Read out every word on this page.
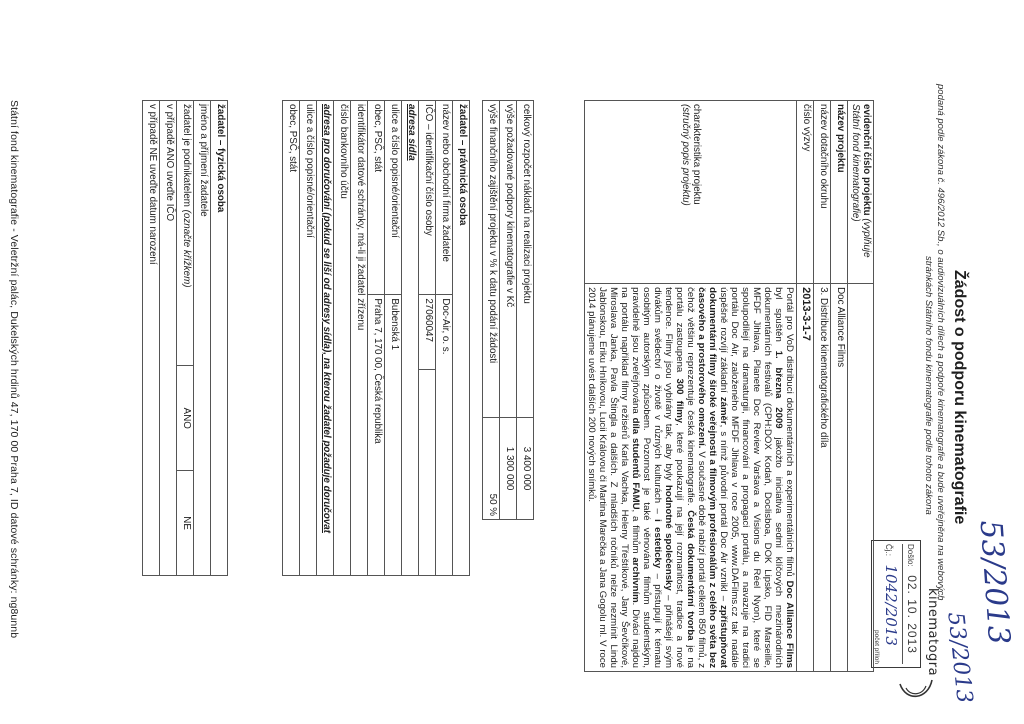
53/2013
53/2013
kinematogra
Žádost o podporu kinematografie
podaná podle zákona č. 496/2012 Sb., o audiovizuálních dílech a podpoře kinematografie a bude uveřejněna na webových
stránkách Státního fondu kinematografie podle tohoto zákona
Došlo: 02. 10. 2013
Čj.: 1042/2013
počet příloh
evidenční číslo projektu (vyplňuje Státní fond kinematografie)	
název projektu	Doc Alliance Films
název dotačního okruhu	3. Distribuce kinematografického díla
číslo výzvy	2013-3-1-7

charakteristika projektu
(stručný popis projektu)	Portál pro VoD distribuci dokumentárních a experimentálních filmů Doc Alliance Films byl spuštěn 1. března 2009 jakožto iniciativa sedmi klíčových mezinárodních dokumentárních festivalů (CPH:DOX Kodaň, Doclisboa, DOK Lipsko, FID Marseille, MFDF Jihlava, Planete Doc Review Varšava a Visions du Réel Nyon), které se spolupodílejí na dramaturgii, financování a propagaci portálu, a navazuje na tradici portálu Doc Air, založeného MFDF Jihlava v roce 2005, www.DAFilms.cz tak nadále úspěšně rozvíjí základní záměr, s nímž původní portál Doc Air vznikl – zpřístupňovat dokumentární filmy široké veřejnosti a filmovým profesionálům z celého světa bez časového a prostorového omezení. V současné době nabízí portál celkem 850 filmů, z čehož většinu reprezentuje česká kinematografie. Česká dokumentární tvorba je na portálu zastoupena 300 filmy, které poukazují na její rozmanitost, tradice a nové tendence. Filmy jsou vybírány tak, aby byly hodnotné společensky – přinášejí svým divákům svědectví o životě v různých kulturách – i esteticky – přistupují k tématu osobitým autorským způsobem. Pozornost je také věnována filmům studentským, pravidelně jsou zveřejňována díla studentů FAMU, a filmům archivním. Diváci najdou na portálu například filmy režisérů Karla Vachka, Heleny Třeštíkové, Jany Ševčíkové, Miroslava Janka, Pavla Štingla a dalších. Z mladších ročníků nelze nezmínit Lindu Jablonskou, Eriku Hníkovou, Lucii Královou či Martina Marečka a Jana Gogolu ml. V roce 2014 plánujeme uvést dalších 200 nových snímků.
celkový rozpočet nákladů na realizaci projektu	3 400 000
výše požadované podpory kinematografie v Kč	1 300 000
výše finančního zajištění projektu v % k datu podání žádosti	50 %
žadatel – právnická osoba		
název nebo obchodní firma žadatele	Doc-Air, o. s.	
IČO – identifikační číslo osoby	27060047	
adresa sídla		
ulice a číslo popisné/orientační	Bubenská 1	
obec, PSČ, stát	Praha 7, 170 00, Česká republika	
identifikátor datové schránky, má-li ji žadatel zřízenu		
číslo bankovního účtu		
adresa pro doručování (pokud se liší od adresy sídla), na kterou žadatel požaduje doručovat		
ulice a číslo popisné/orientační		
obec, PSČ, stát		
žadatel – fyzická osoba
jméno a příjmení žadatele
žadatel je podnikatelem (označte křížkem)	ANO	NE
v případě ANO uveďte IČO
v případě NE uveďte datum narození
Státní fond kinematografie - Veletržní palác, Dukelských hrdinů 47, 170 00 Praha 7, ID datové schránky: ng8unnb
